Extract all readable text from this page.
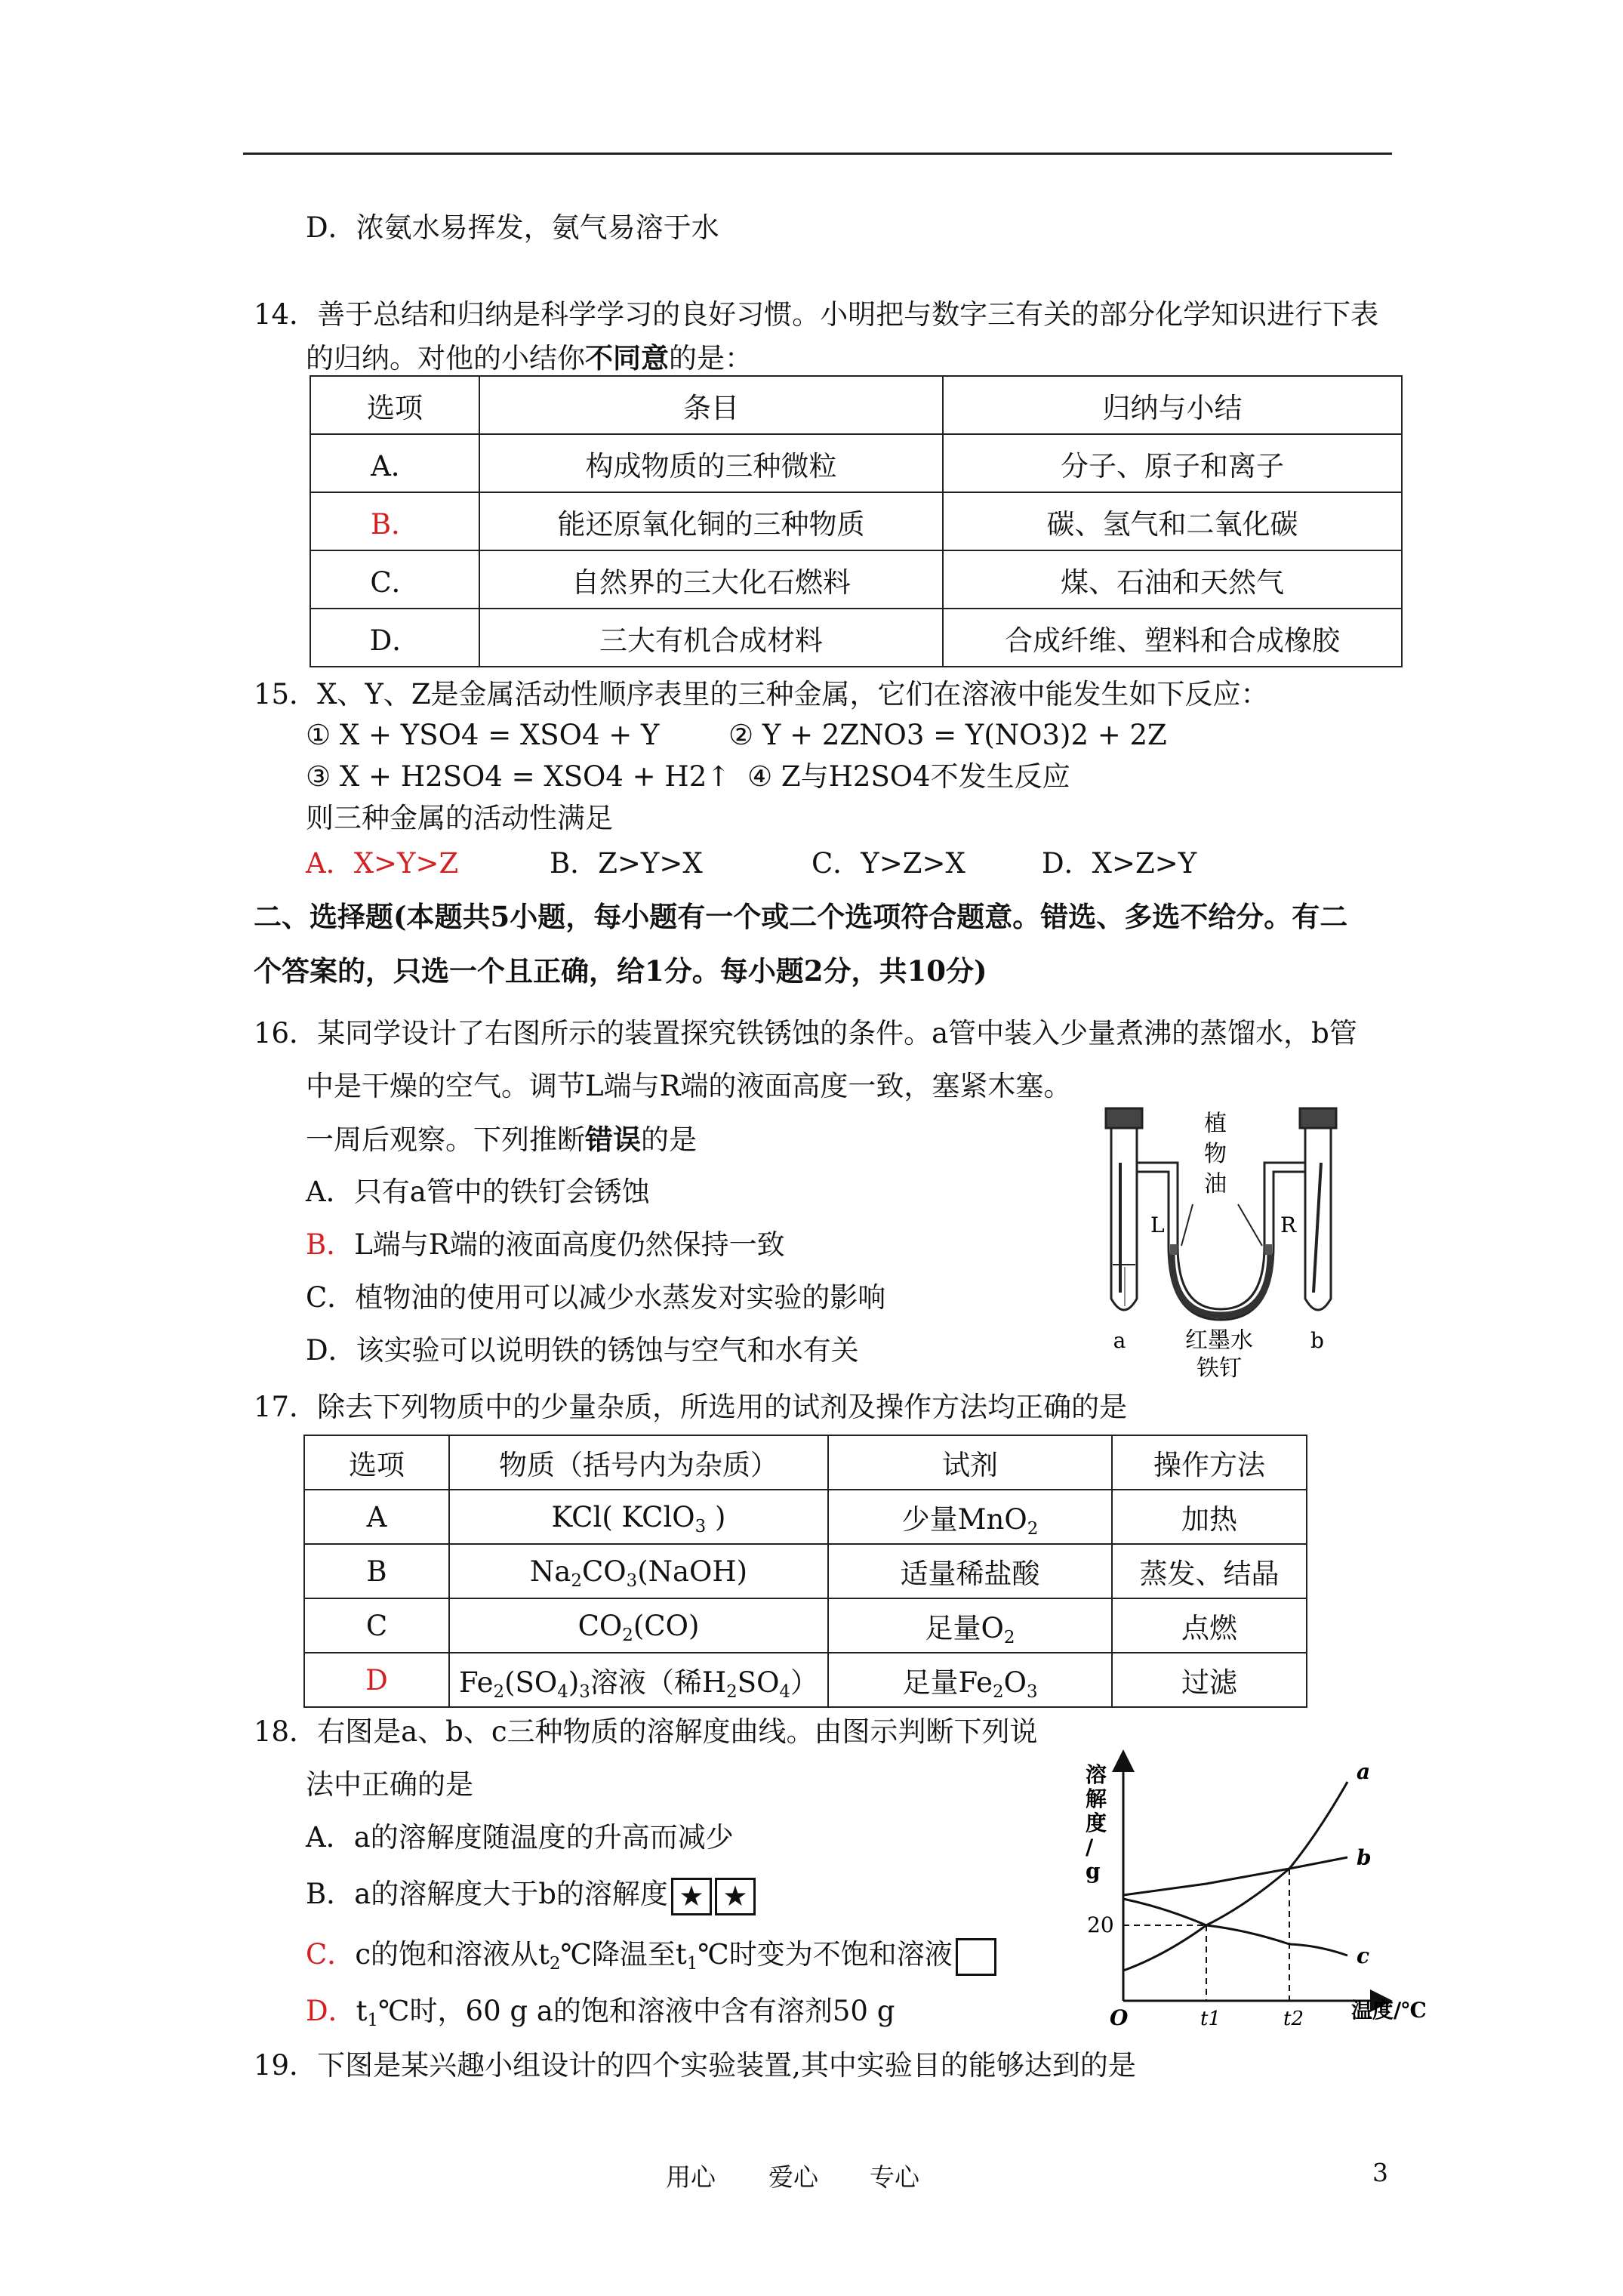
D．浓氨水易挥发，氨气易溶于水
14．善于总结和归纳是科学学习的良好习惯。小明把与数字三有关的部分化学知识进行下表
的归纳。对他的小结你不同意的是：
选项	条目	归纳与小结
A．	构成物质的三种微粒	分子、原子和离子
B．	能还原氧化铜的三种物质	碳、氢气和二氧化碳
C．	自然界的三大化石燃料	煤、石油和天然气
D．	三大有机合成材料	合成纤维、塑料和合成橡胶
15．X、Y、Z是金属活动性顺序表里的三种金属，它们在溶液中能发生如下反应：
① X + YSO4 = XSO4 + Y ② Y + 2ZNO3 = Y(NO3)2 + 2Z
③ X + H2SO4 = XSO4 + H2↑ ④ Z与H2SO4不发生反应
则三种金属的活动性满足
A．X>Y>Z	B．Z>Y>X	C．Y>Z>X	D．X>Z>Y
二、选择题(本题共5小题，每小题有一个或二个选项符合题意。错选、多选不给分。有二
个答案的，只选一个且正确，给1分。每小题2分，共10分)
16．某同学设计了右图所示的装置探究铁锈蚀的条件。a管中装入少量煮沸的蒸馏水，b管
中是干燥的空气。调节L端与R端的液面高度一致，塞紧木塞。
一周后观察。下列推断错误的是
A．只有a管中的铁钉会锈蚀
B．L端与R端的液面高度仍然保持一致
C．植物油的使用可以减少水蒸发对实验的影响
D．该实验可以说明铁的锈蚀与空气和水有关
植
物
油
L	R
红墨水
铁钉
a	b
17．除去下列物质中的少量杂质，所选用的试剂及操作方法均正确的是
选项	物质（括号内为杂质）	试剂	操作方法
A	KCl( KClO$_3$ )	少量MnO$_2$	加热
B	$Na_2CO_3(NaOH)$	适量稀盐酸	蒸发、结晶
C	$CO_2(CO)$	足量$O_2$	点燃
D	$Fe_2(SO_4)_3$溶液（稀$H_2SO_4$）	足量$Fe_2O_3$	过滤
18．右图是a、b、c三种物质的溶解度曲线。由图示判断下列说
法中正确的是
A．a的溶解度随温度的升高而减少
B．a的溶解度大于b的溶解度 ★ ★
C．c的饱和溶液从$t_2℃$降温至$t_1℃$时变为不饱和溶液
D．$t_1℃$时，60 g a的饱和溶液中含有溶剂50 g
溶
解
度
/
g
O	温度/℃
20
t1	t2
a
b
c
19．下图是某兴趣小组设计的四个实验装置,其中实验目的能够达到的是
用心 爱心 专心	3
